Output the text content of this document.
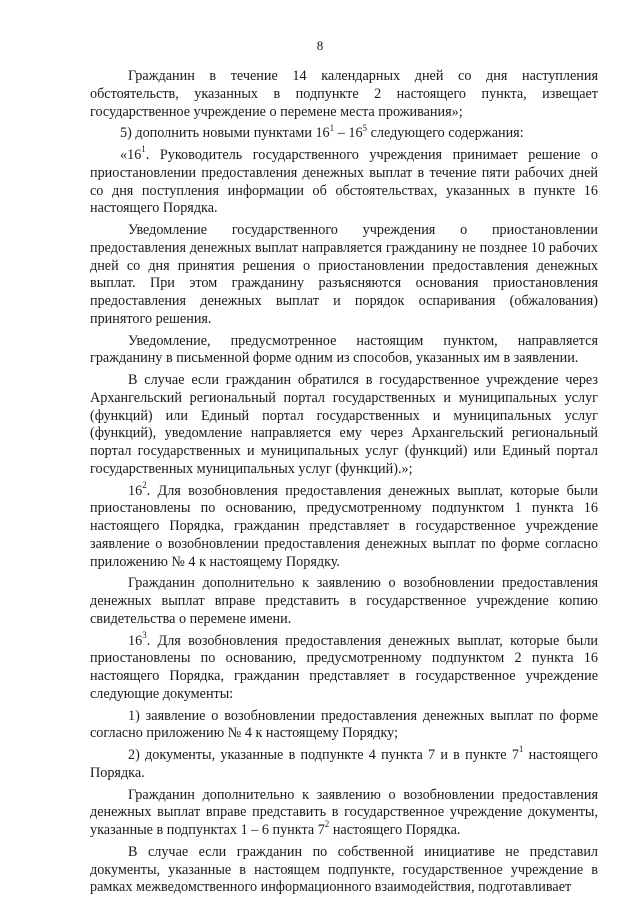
8

Гражданин в течение 14 календарных дней со дня наступления обстоятельств, указанных в подпункте 2 настоящего пункта, извещает государственное учреждение о перемене места проживания»;

5) дополнить новыми пунктами $16^1 - 16^5$ следующего содержания:

«$16^1$. Руководитель государственного учреждения принимает решение о приостановлении предоставления денежных выплат в течение пяти рабочих дней со дня поступления информации об обстоятельствах, указанных в пункте 16 настоящего Порядка.

Уведомление государственного учреждения о приостановлении предоставления денежных выплат направляется гражданину не позднее 10 рабочих дней со дня принятия решения о приостановлении предоставления денежных выплат. При этом гражданину разъясняются основания приостановления предоставления денежных выплат и порядок оспаривания (обжалования) принятого решения.

Уведомление, предусмотренное настоящим пунктом, направляется гражданину в письменной форме одним из способов, указанных им в заявлении.

В случае если гражданин обратился в государственное учреждение через Архангельский региональный портал государственных и муниципальных услуг (функций) или Единый портал государственных и муниципальных услуг (функций), уведомление направляется ему через Архангельский региональный портал государственных и муниципальных услуг (функций) или Единый портал государственных муниципальных услуг (функций).»;

$16^2$. Для возобновления предоставления денежных выплат, которые были приостановлены по основанию, предусмотренному подпунктом 1 пункта 16 настоящего Порядка, гражданин представляет в государственное учреждение заявление о возобновлении предоставления денежных выплат по форме согласно приложению № 4 к настоящему Порядку.

Гражданин дополнительно к заявлению о возобновлении предоставления денежных выплат вправе представить в государственное учреждение копию свидетельства о перемене имени.

$16^3$. Для возобновления предоставления денежных выплат, которые были приостановлены по основанию, предусмотренному подпунктом 2 пункта 16 настоящего Порядка, гражданин представляет в государственное учреждение следующие документы:

1) заявление о возобновлении предоставления денежных выплат по форме согласно приложению № 4 к настоящему Порядку;

2) документы, указанные в подпункте 4 пункта 7 и в пункте $7^1$ настоящего Порядка.

Гражданин дополнительно к заявлению о возобновлении предоставления денежных выплат вправе представить в государственное учреждение документы, указанные в подпунктах 1 – 6 пункта $7^2$ настоящего Порядка.

В случае если гражданин по собственной инициативе не представил документы, указанные в настоящем подпункте, государственное учреждение в рамках межведомственного информационного взаимодействия, подготавливает
